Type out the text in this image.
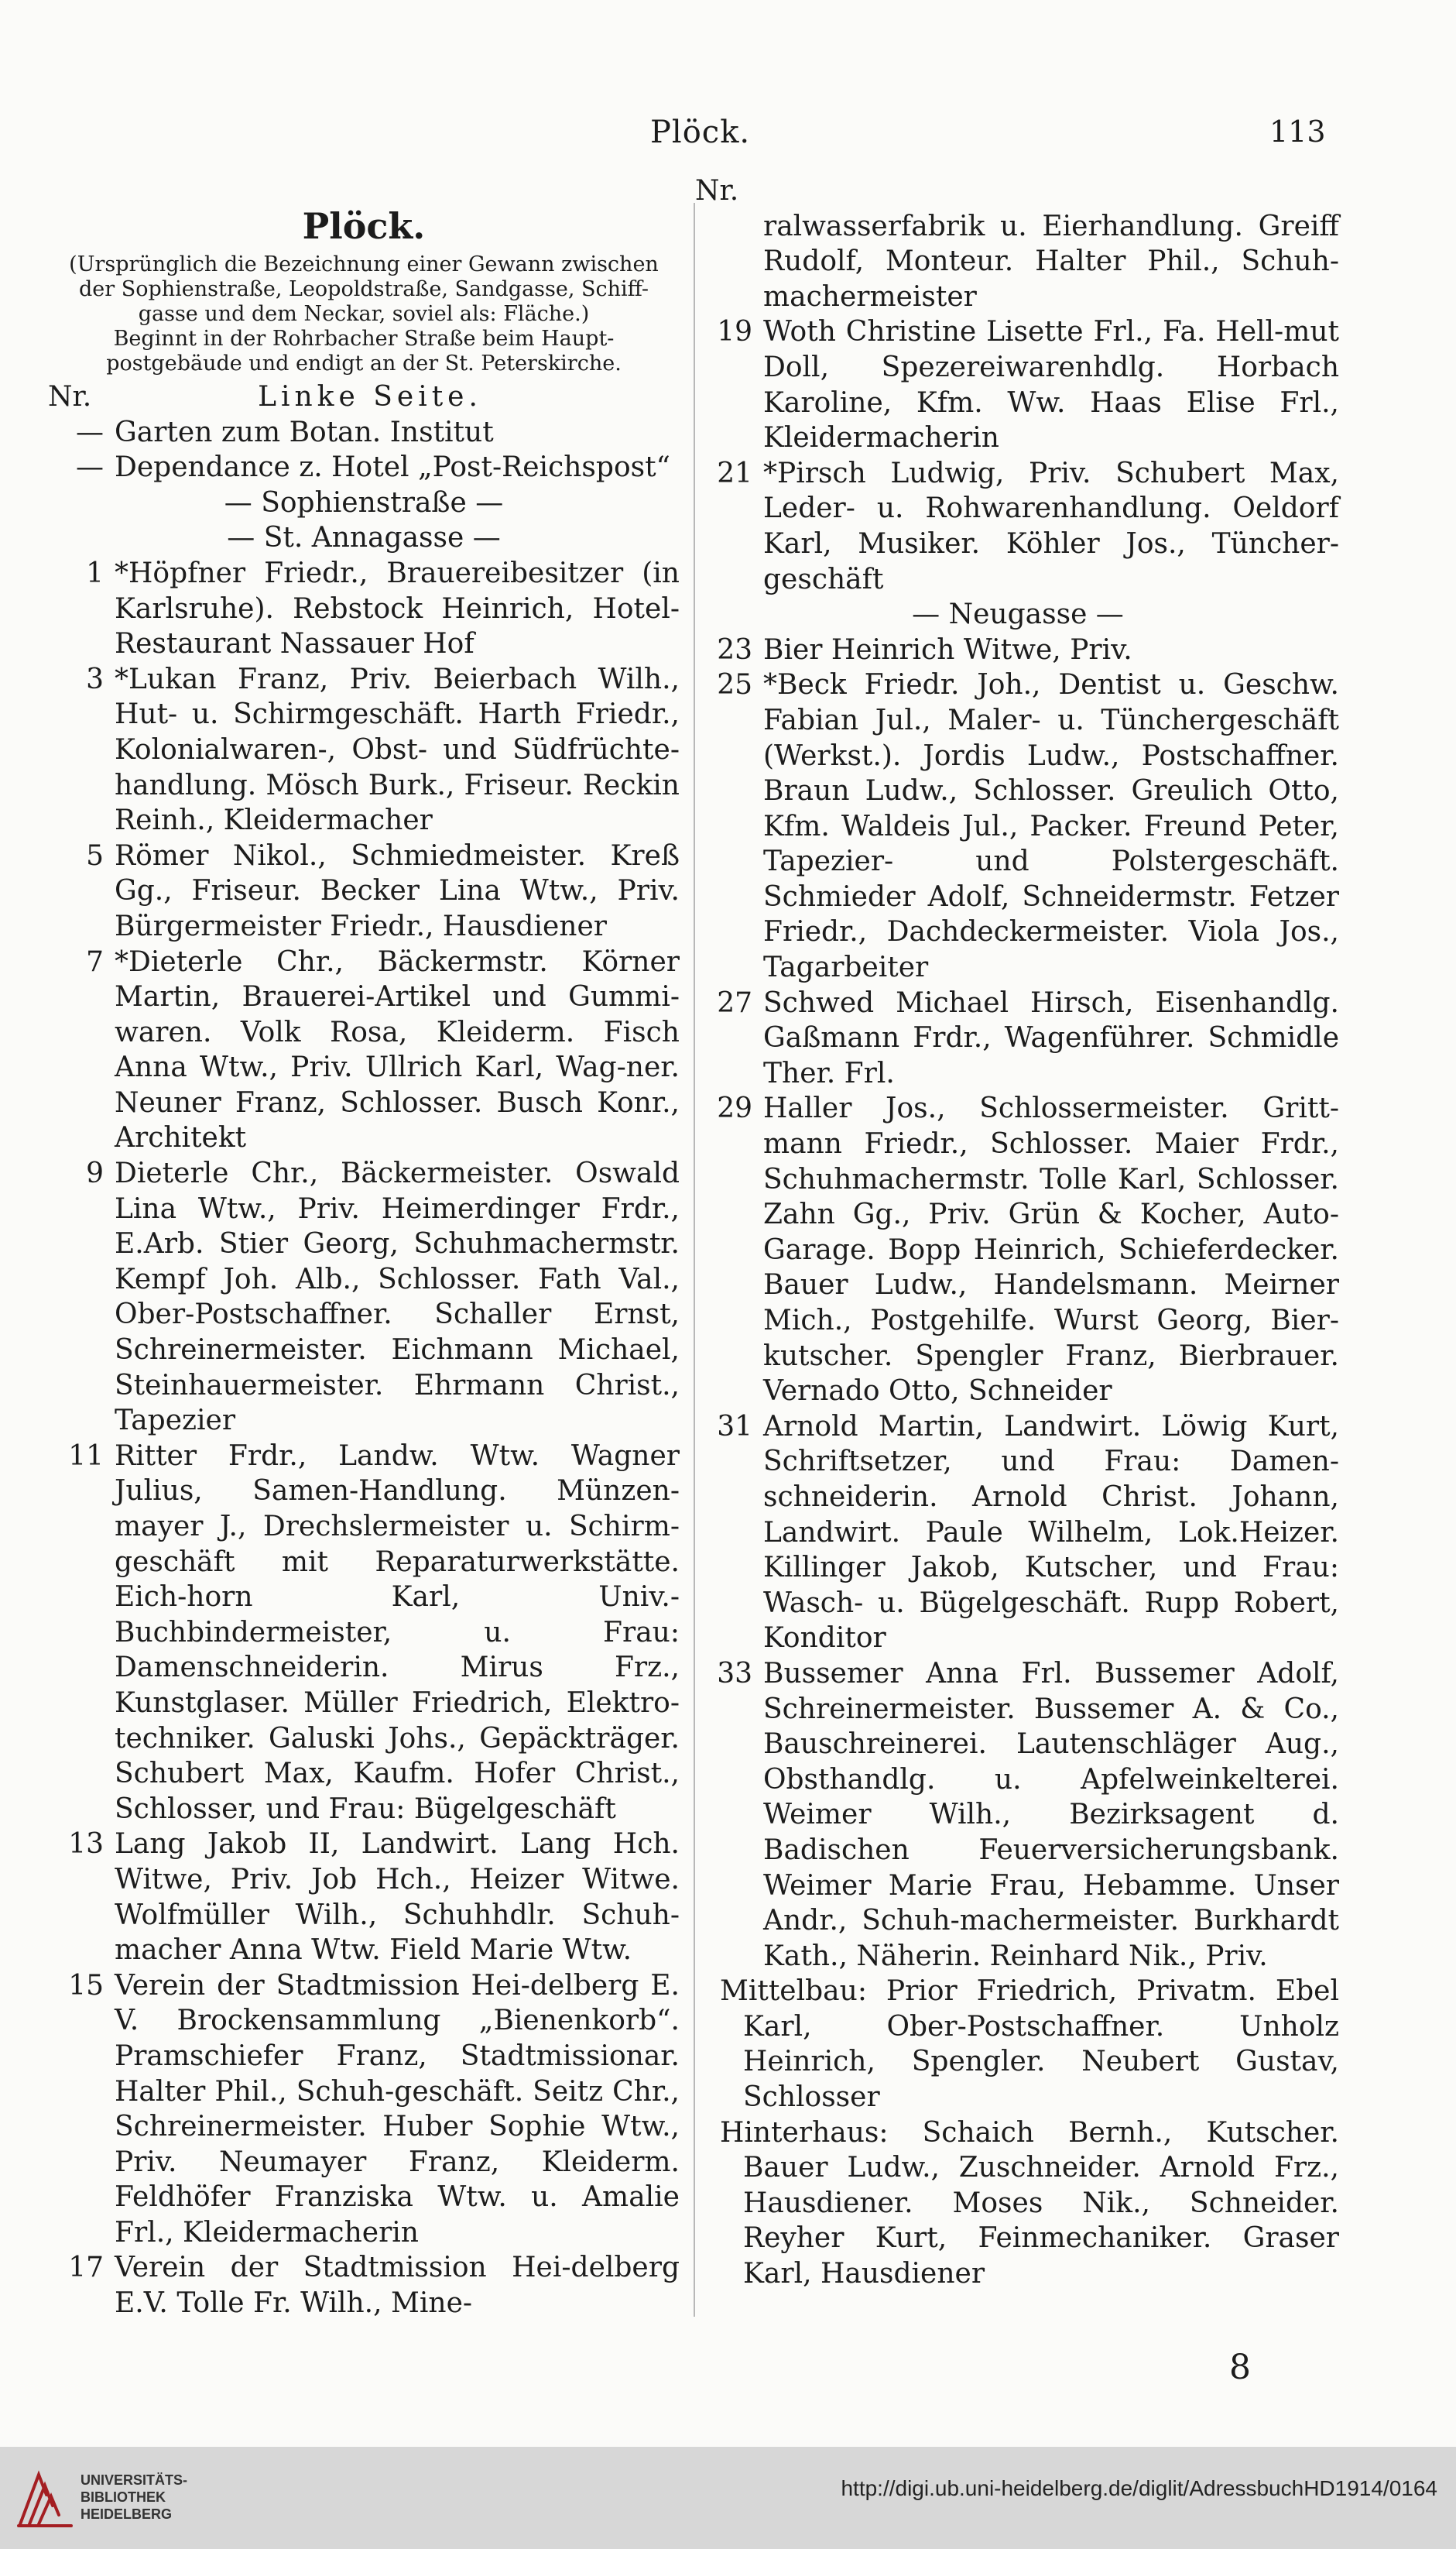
Plöck.	113
Plöck.
(Ursprünglich die Bezeichnung einer Gewann zwischen
der Sophienstraße, Leopoldstraße, Sandgasse, Schiff-
gasse und dem Neckar, soviel als: Fläche.)
Beginnt in der Rohrbacher Straße beim Haupt-
postgebäude und endigt an der St. Peterskirche.
Nr.	Linke Seite.
— Garten zum Botan. Institut
— Dependance z. Hotel „Post-Reichspost“
— Sophienstraße —
— St. Annagasse —
1 *Höpfner Friedr., Brauereibesitzer (in Karlsruhe). Rebstock Heinrich, Hotel-Restaurant Nassauer Hof
3 *Lukan Franz, Priv. Beierbach Wilh., Hut- u. Schirmgeschäft. Harth Friedr., Kolonialwaren-, Obst- und Südfrüchte-handlung. Mösch Burk., Friseur. Reckin Reinh., Kleidermacher
5 Römer Nikol., Schmiedmeister. Kreß Gg., Friseur. Becker Lina Wtw., Priv. Bürgermeister Friedr., Hausdiener
7 *Dieterle Chr., Bäckermstr. Körner Martin, Brauerei-Artikel und Gummi-waren. Volk Rosa, Kleiderm. Fisch Anna Wtw., Priv. Ullrich Karl, Wag-ner. Neuner Franz, Schlosser. Busch Konr., Architekt
9 Dieterle Chr., Bäckermeister. Oswald Lina Wtw., Priv. Heimerdinger Frdr., E.Arb. Stier Georg, Schuhmachermstr. Kempf Joh. Alb., Schlosser. Fath Val., Ober-Postschaffner. Schaller Ernst, Schreinermeister. Eichmann Michael, Steinhauermeister. Ehrmann Christ., Tapezier
11 Ritter Frdr., Landw. Wtw. Wagner Julius, Samen-Handlung. Münzen-mayer J., Drechslermeister u. Schirm-geschäft mit Reparaturwerkstätte. Eich-horn Karl, Univ.-Buchbindermeister, u. Frau: Damenschneiderin. Mirus Frz., Kunstglaser. Müller Friedrich, Elektro-techniker. Galuski Johs., Gepäckträger. Schubert Max, Kaufm. Hofer Christ., Schlosser, und Frau: Bügelgeschäft
13 Lang Jakob II, Landwirt. Lang Hch. Witwe, Priv. Job Hch., Heizer Witwe. Wolfmüller Wilh., Schuhhdlr. Schuh-macher Anna Wtw. Field Marie Wtw.
15 Verein der Stadtmission Hei-delberg E. V. Brockensammlung „Bienenkorb“. Pramschiefer Franz, Stadtmissionar. Halter Phil., Schuh-geschäft. Seitz Chr., Schreinermeister. Huber Sophie Wtw., Priv. Neumayer Franz, Kleiderm. Feldhöfer Franziska Wtw. u. Amalie Frl., Kleidermacherin
17 Verein der Stadtmission Hei-delberg E.V. Tolle Fr. Wilh., Mine-
Nr.
ralwasserfabrik u. Eierhandlung. Greiff Rudolf, Monteur. Halter Phil., Schuh-machermeister
19 Woth Christine Lisette Frl., Fa. Hell-mut Doll, Spezereiwarenhdlg. Horbach Karoline, Kfm. Ww. Haas Elise Frl., Kleidermacherin
21 *Pirsch Ludwig, Priv. Schubert Max, Leder- u. Rohwarenhandlung. Oeldorf Karl, Musiker. Köhler Jos., Tüncher-geschäft
— Neugasse —
23 Bier Heinrich Witwe, Priv.
25 *Beck Friedr. Joh., Dentist u. Geschw. Fabian Jul., Maler- u. Tünchergeschäft (Werkst.). Jordis Ludw., Postschaffner. Braun Ludw., Schlosser. Greulich Otto, Kfm. Waldeis Jul., Packer. Freund Peter, Tapezier- und Polstergeschäft. Schmieder Adolf, Schneidermstr. Fetzer Friedr., Dachdeckermeister. Viola Jos., Tagarbeiter
27 Schwed Michael Hirsch, Eisenhandlg. Gaßmann Frdr., Wagenführer. Schmidle Ther. Frl.
29 Haller Jos., Schlossermeister. Gritt-mann Friedr., Schlosser. Maier Frdr., Schuhmachermstr. Tolle Karl, Schlosser. Zahn Gg., Priv. Grün & Kocher, Auto-Garage. Bopp Heinrich, Schieferdecker. Bauer Ludw., Handelsmann. Meirner Mich., Postgehilfe. Wurst Georg, Bier-kutscher. Spengler Franz, Bierbrauer. Vernado Otto, Schneider
31 Arnold Martin, Landwirt. Löwig Kurt, Schriftsetzer, und Frau: Damen-schneiderin. Arnold Christ. Johann, Landwirt. Paule Wilhelm, Lok.Heizer. Killinger Jakob, Kutscher, und Frau: Wasch- u. Bügelgeschäft. Rupp Robert, Konditor
33 Bussemer Anna Frl. Bussemer Adolf, Schreinermeister. Bussemer A. & Co., Bauschreinerei. Lautenschläger Aug., Obsthandlg. u. Apfelweinkelterei. Weimer Wilh., Bezirksagent d. Badischen Feuerversicherungsbank. Weimer Marie Frau, Hebamme. Unser Andr., Schuh-machermeister. Burkhardt Kath., Näherin. Reinhard Nik., Priv.
Mittelbau: Prior Friedrich, Privatm. Ebel Karl, Ober-Postschaffner. Unholz Heinrich, Spengler. Neubert Gustav, Schlosser
Hinterhaus: Schaich Bernh., Kutscher. Bauer Ludw., Zuschneider. Arnold Frz., Hausdiener. Moses Nik., Schneider. Reyher Kurt, Feinmechaniker. Graser Karl, Hausdiener
8
UNIVERSITÄTS-
BIBLIOTHEK
HEIDELBERG
http://digi.ub.uni-heidelberg.de/diglit/AdressbuchHD1914/0164
